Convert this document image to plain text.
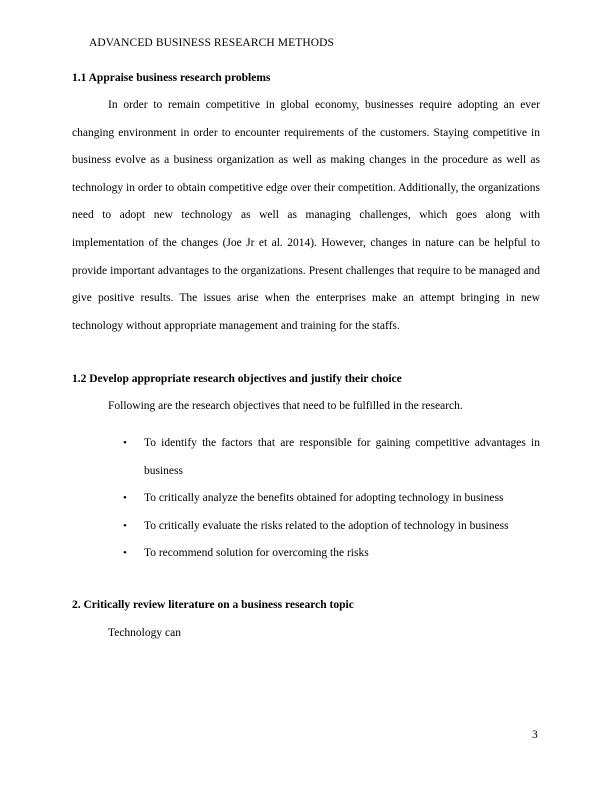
ADVANCED BUSINESS RESEARCH METHODS
1.1 Appraise business research problems

In order to remain competitive in global economy, businesses require adopting an ever changing environment in order to encounter requirements of the customers. Staying competitive in business evolve as a business organization as well as making changes in the procedure as well as technology in order to obtain competitive edge over their competition. Additionally, the organizations need to adopt new technology as well as managing challenges, which goes along with implementation of the changes (Joe Jr et al. 2014). However, changes in nature can be helpful to provide important advantages to the organizations. Present challenges that require to be managed and give positive results. The issues arise when the enterprises make an attempt bringing in new technology without appropriate management and training for the staffs.

1.2 Develop appropriate research objectives and justify their choice
Following are the research objectives that need to be fulfilled in the research.
• To identify the factors that are responsible for gaining competitive advantages in business
• To critically analyze the benefits obtained for adopting technology in business
• To critically evaluate the risks related to the adoption of technology in business
• To recommend solution for overcoming the risks
2. Critically review literature on a business research topic
Technology can
3
